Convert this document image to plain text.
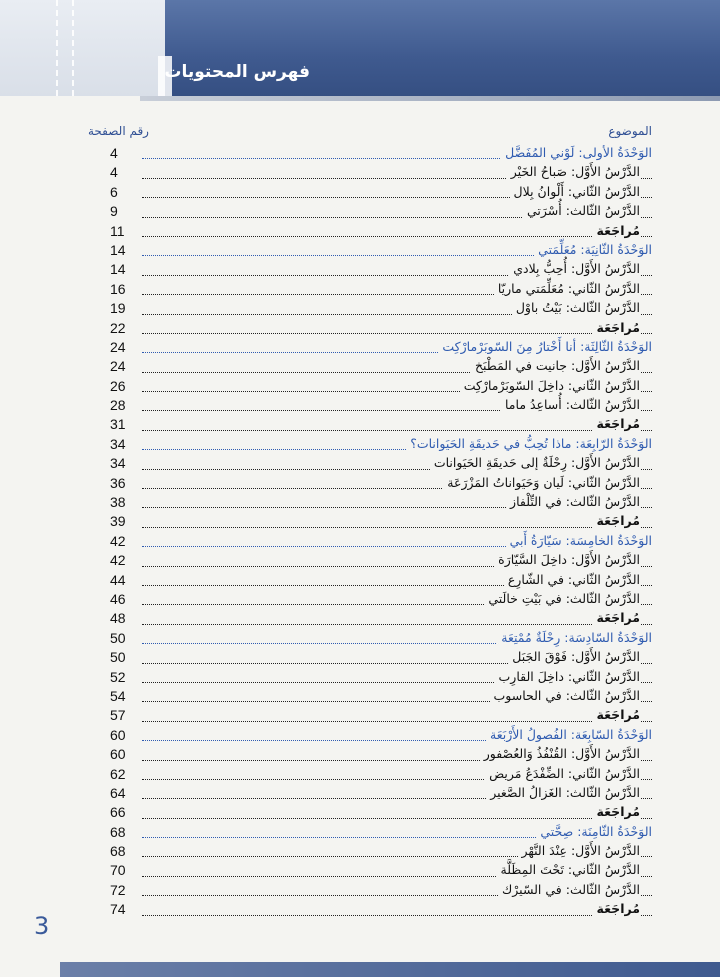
فهرس المحتويات
الموضوع
رقم الصفحة
4	الوَحْدَةُ الأولى: لَوْني المُفَضَّل
4	الدَّرْسُ الأَوَّل: صَباحُ الخَيْر
6	الدَّرْسُ الثّاني: أَلْوانُ بِلال
9	الدَّرْسُ الثّالث: أُسْرَتي
11	مُراجَعَة
14	الوَحْدَةُ الثّانِيَة: مُعَلِّمَتي
14	الدَّرْسُ الأَوَّل: أُحِبُّ بِلادي
16	الدَّرْسُ الثّاني: مُعَلِّمَتي ماريّا
19	الدَّرْسُ الثّالث: بَيْتُ باوْل
22	مُراجَعَة
24	الوَحْدَةُ الثّالِثَة: أنا أَخْتارُ مِنَ السّوبَرْمارْكِت
24	الدَّرْسُ الأَوَّل: جانيت في المَطْبَخ
26	الدَّرْسُ الثّاني: داخِلَ السّوبَرْمارْكِت
28	الدَّرْسُ الثّالث: أُساعِدُ ماما
31	مُراجَعَة
34	الوَحْدَةُ الرّابِعَة: ماذا تُحِبُّ في حَديقَةِ الحَيَوانات؟
34	الدَّرْسُ الأَوَّل: رِحْلَةٌ إلى حَديقَةِ الحَيَوانات
36	الدَّرْسُ الثّاني: لَيان وَحَيَواناتُ المَزْرَعَة
38	الدَّرْسُ الثّالث: في التِّلْفاز
39	مُراجَعَة
42	الوَحْدَةُ الخامِسَة: سَيّارَةُ أَبي
42	الدَّرْسُ الأَوَّل: داخِلَ السَّيّارَة
44	الدَّرْسُ الثّاني: في الشّارِع
46	الدَّرْسُ الثّالث: في بَيْتِ خالَتي
48	مُراجَعَة
50	الوَحْدَةُ السّادِسَة: رِحْلَةٌ مُمْتِعَة
50	الدَّرْسُ الأَوَّل: فَوْقَ الجَبَل
52	الدَّرْسُ الثّاني: داخِلَ القارِب
54	الدَّرْسُ الثّالث: في الحاسوب
57	مُراجَعَة
60	الوَحْدَةُ السّابِعَة: الفُصولُ الأَرْبَعَة
60	الدَّرْسُ الأَوَّل: القُنْفُذُ وَالعُصْفور
62	الدَّرْسُ الثّاني: الضِّفْدَعُ مَريض
64	الدَّرْسُ الثّالث: الغَزالُ الصَّغير
66	مُراجَعَة
68	الوَحْدَةُ الثّامِنَة: صِحَّتي
68	الدَّرْسُ الأَوَّل: عِنْدَ النَّهْر
70	الدَّرْسُ الثّاني: تَحْتَ المِظَلَّة
72	الدَّرْسُ الثّالث: في السّيرْك
74	مُراجَعَة
3
